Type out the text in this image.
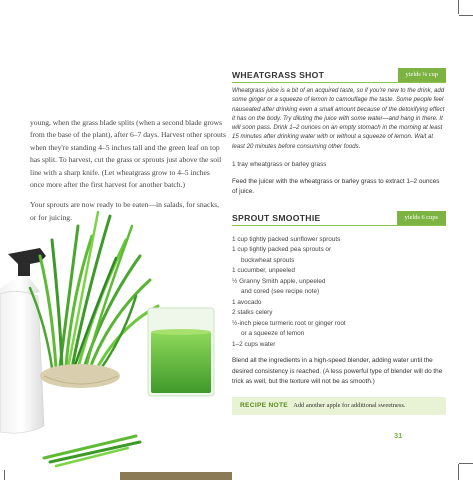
young, when the grass blade splits (when a second blade grows from the base of the plant), after 6–7 days. Harvest other sprouts when they're standing 4–5 inches tall and the green leaf on top has split. To harvest, cut the grass or sprouts just above the soil line with a sharp knife. (Let wheatgrass grow to 4–5 inches once more after the first harvest for another batch.)

Your sprouts are now ready to be eaten—in salads, for snacks, or for juicing.

WHEATGRASS SHOT	yields ⅛ cup

Wheatgrass juice is a bit of an acquired taste, so if you're new to the drink, add some ginger or a squeeze of lemon to camouflage the taste. Some people feel nauseated after drinking even a small amount because of the detoxifying effect it has on the body. Try diluting the juice with some water—and hang in there. It will soon pass. Drink 1–2 ounces on an empty stomach in the morning at least 15 minutes after drinking water with or without a squeeze of lemon. Wait at least 20 minutes before consuming other foods.

1 tray wheatgrass or barley grass

Feed the juicer with the wheatgrass or barley grass to extract 1–2 ounces of juice.

SPROUT SMOOTHIE	yields 6 cups
1 cup tightly packed sunflower sprouts
1 cup tightly packed pea sprouts or
buckwheat sprouts
1 cucumber, unpeeled
½ Granny Smith apple, unpeeled
and cored (see recipe note)
1 avocado
2 stalks celery
½-inch piece turmeric root or ginger root
or a squeeze of lemon
1–2 cups water

Blend all the ingredients in a high-speed blender, adding water until the desired consistency is reached. (A less powerful type of blender will do the trick as well, but the texture will not be as smooth.)

RECIPE NOTE Add another apple for additional sweetness.
31
